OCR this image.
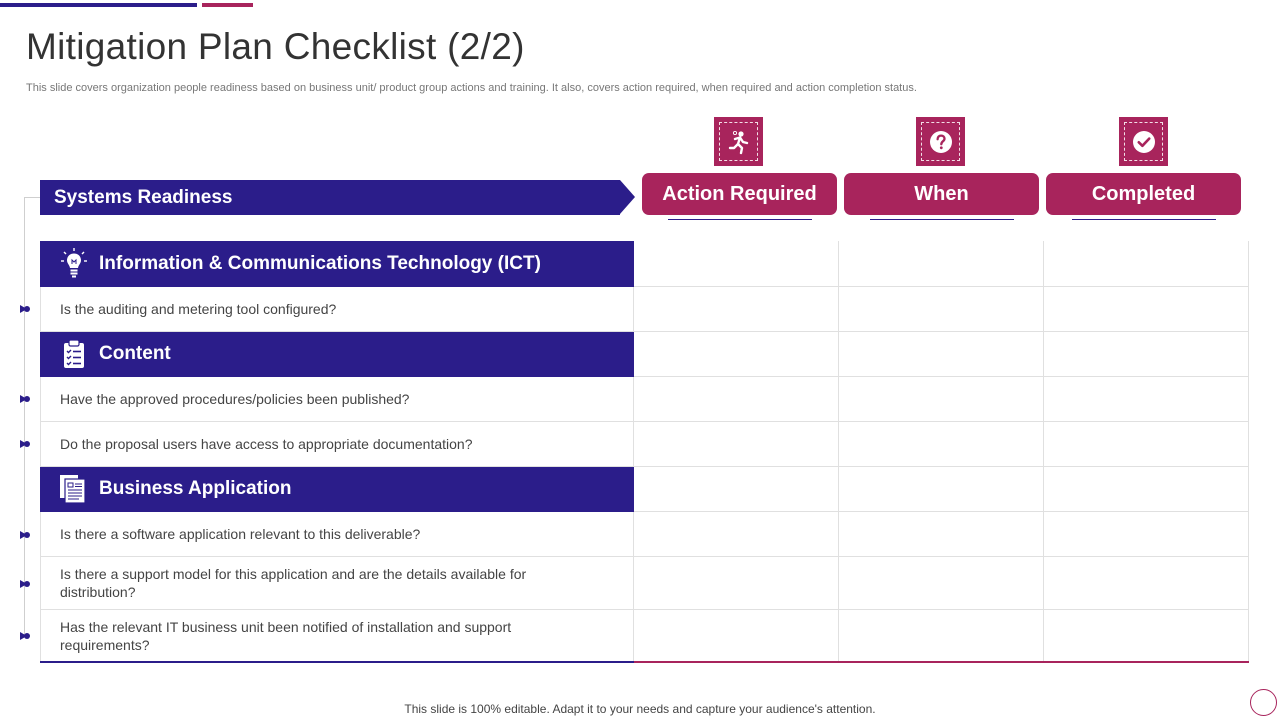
Mitigation Plan Checklist (2/2)

This slide covers organization people readiness based on business unit/ product group actions and training. It also, covers action required, when required and action completion status.

Action Required	When	Completed
Systems Readiness
Information & Communications Technology (ICT)
Is the auditing and metering tool configured?
Content
Have the approved procedures/policies been published?
Do the proposal users have access to appropriate documentation?
Business Application
Is there a software application relevant to this deliverable?
Is there a support model for this application and are the details available for distribution?
Has the relevant IT business unit been notified of installation and support requirements?
This slide is 100% editable. Adapt it to your needs and capture your audience's attention.
